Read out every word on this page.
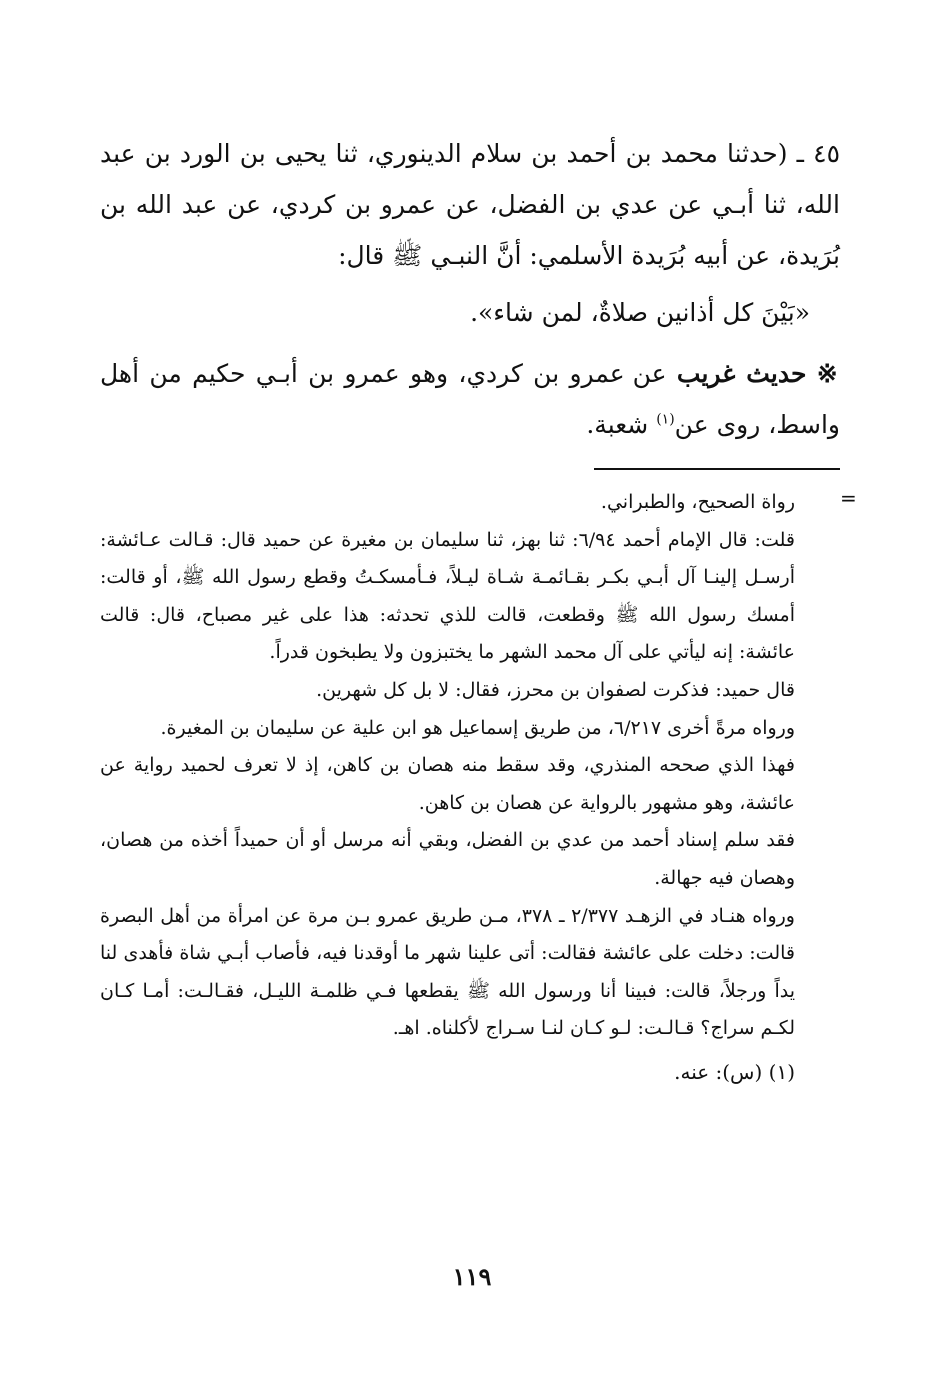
٤٥ ـ (حدثنا محمد بن أحمد بن سلام الدينوري، ثنا يحيى بن الورد بن عبد الله، ثنا أبـي عن عدي بن الفضل، عن عمرو بن كردي، عن عبد الله بن بُرَيدة، عن أبيه بُرَيدة الأسلمي: أنَّ النبـي ﷺ قال:

«بَيْنَ كل أذانين صلاةٌ، لمن شاء».

※ حديث غريب عن عمرو بن كردي، وهو عمرو بن أبـي حكيم من أهل واسط، روى عن$^{(١)}$ شعبة.

=

رواة الصحيح، والطبراني.

قلت: قال الإمام أحمد ٦/٩٤: ثنا بهز، ثنا سليمان بن مغيرة عن حميد قال: قـالت عـائشة: أرسـل إلينـا آل أبـي بكـر بقـائمـة شـاة ليـلاً، فـأمسكـتُ وقطع رسول الله ﷺ، أو قالت: أمسك رسول الله ﷺ وقطعت، قالت للذي تحدثه: هذا على غير مصباح، قال: قالت عائشة: إنه ليأتي على آل محمد الشهر ما يختبزون ولا يطبخون قدراً.

قال حميد: فذكرت لصفوان بن محرز، فقال: لا بل كل شهرين.

ورواه مرةً أخرى ٦/٢١٧، من طريق إسماعيل هو ابن علية عن سليمان بن المغيرة.

فهذا الذي صححه المنذري، وقد سقط منه هصان بن كاهن، إذ لا تعرف لحميد رواية عن عائشة، وهو مشهور بالرواية عن هصان بن كاهن.

فقد سلم إسناد أحمد من عدي بن الفضل، وبقي أنه مرسل أو أن حميداً أخذه من هصان، وهصان فيه جهالة.

ورواه هنـاد في الزهـد ٢/٣٧٧ ـ ٣٧٨، مـن طريق عمرو بـن مرة عن امرأة من أهل البصرة قالت: دخلت على عائشة فقالت: أتى علينا شهر ما أوقدنا فيه، فأصاب أبـي شاة فأهدى لنا يداً ورجلاً، قالت: فبينا أنا ورسول الله ﷺ يقطعها فـي ظلمـة الليـل، فقـالـت: أمـا كـان لكـم سراج؟ قـالـت: لـو كـان لنـا سـراج لأكلناه. اهـ.

(١) (س): عنه.

١١٩
